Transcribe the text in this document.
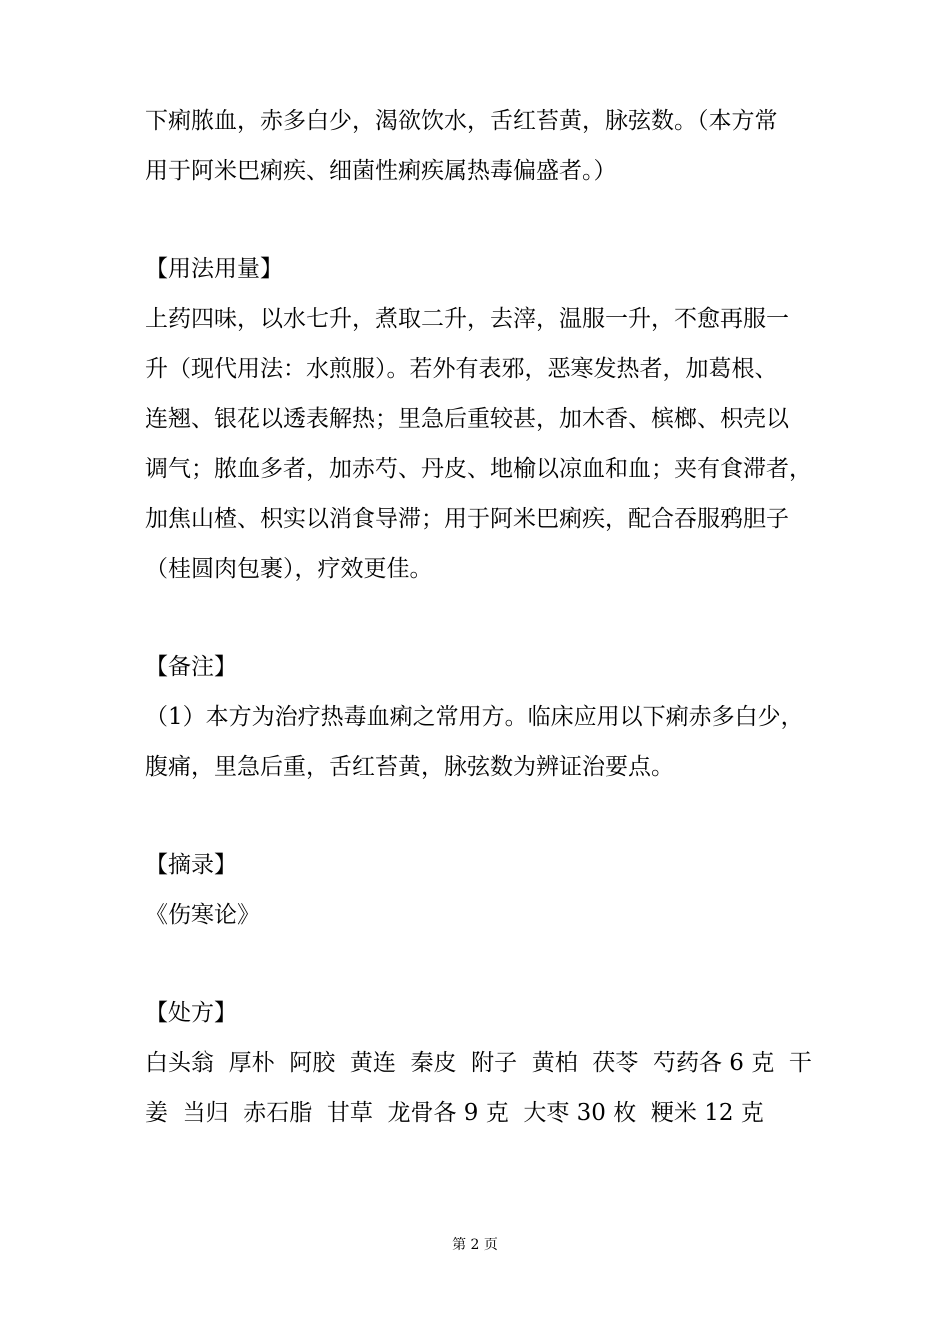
下痢脓血，赤多白少，渴欲饮水，舌红苔黄，脉弦数。（本方常
用于阿米巴痢疾、细菌性痢疾属热毒偏盛者。）
【用法用量】
上药四味，以水七升，煮取二升，去滓，温服一升，不愈再服一
升（现代用法：水煎服）。若外有表邪，恶寒发热者，加葛根、
连翘、银花以透表解热；里急后重较甚，加木香、槟榔、枳壳以
调气；脓血多者，加赤芍、丹皮、地榆以凉血和血；夹有食滞者，
加焦山楂、枳实以消食导滞；用于阿米巴痢疾，配合吞服鸦胆子
（桂圆肉包裹），疗效更佳。
【备注】
（1）本方为治疗热毒血痢之常用方。临床应用以下痢赤多白少，
腹痛，里急后重，舌红苔黄，脉弦数为辨证治要点。
【摘录】
《伤寒论》
【处方】
白头翁  厚朴  阿胶  黄连  秦皮  附子  黄柏  茯苓  芍药各 6 克  干
姜  当归  赤石脂  甘草  龙骨各 9 克  大枣 30 枚  粳米 12 克
第 2 页
